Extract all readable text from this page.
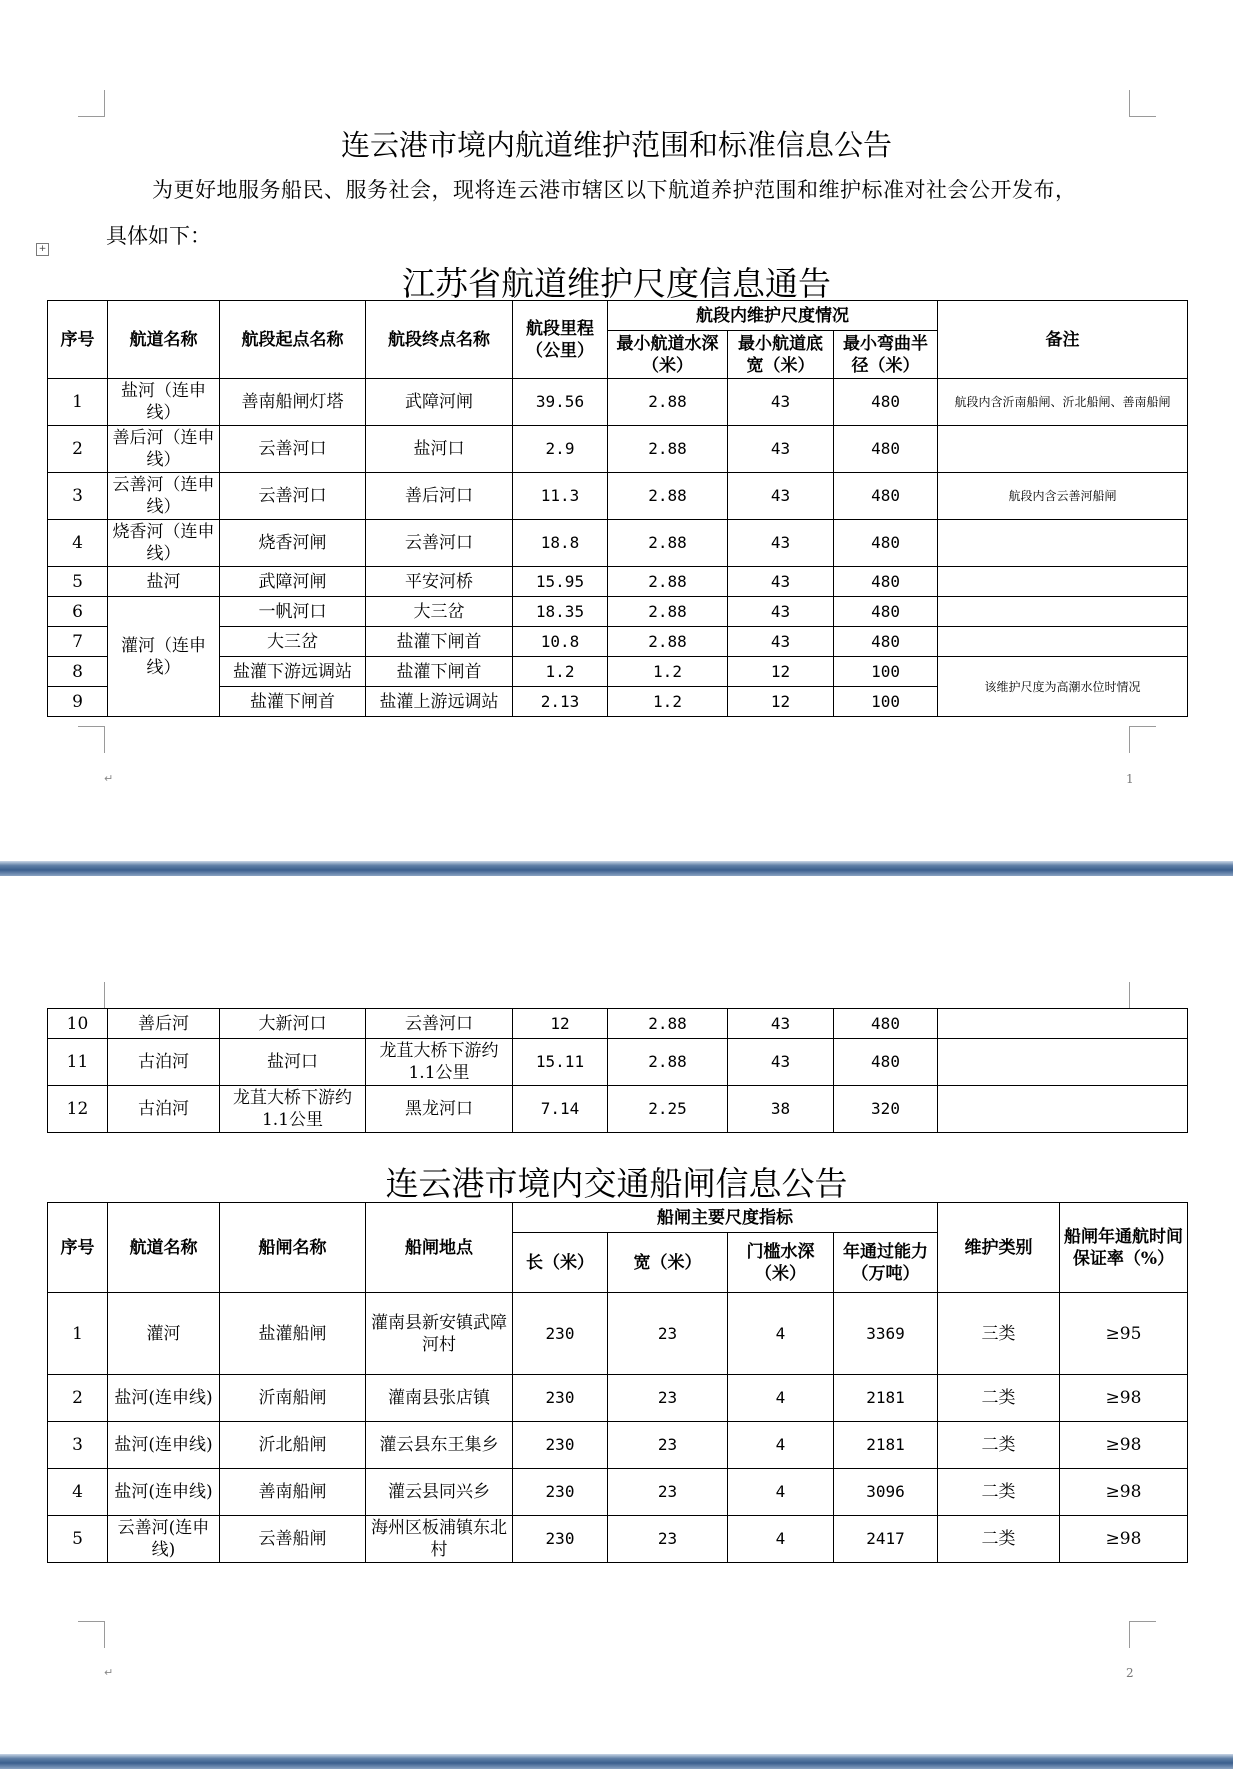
连云港市境内航道维护范围和标准信息公告
为更好地服务船民、服务社会，现将连云港市辖区以下航道养护范围和维护标准对社会公开发布，
具体如下：
+
江苏省航道维护尺度信息通告
序号	航道名称	航段起点名称	航段终点名称	航段里程（公里）	航段内维护尺度情况			备注
					最小航道水深（米）	最小航道底宽（米）	最小弯曲半径（米）	
1	盐河（连申线）	善南船闸灯塔	武障河闸	39.56	2.88	43	480	航段内含沂南船闸、沂北船闸、善南船闸
2	善后河（连申线）	云善河口	盐河口	2.9	2.88	43	480	
3	云善河（连申线）	云善河口	善后河口	11.3	2.88	43	480	航段内含云善河船闸
4	烧香河（连申线）	烧香河闸	云善河口	18.8	2.88	43	480	
5	盐河	武障河闸	平安河桥	15.95	2.88	43	480	
6	灌河（连申线）	一帆河口	大三岔	18.35	2.88	43	480	
7		大三岔	盐灌下闸首	10.8	2.88	43	480	
8		盐灌下游远调站	盐灌下闸首	1.2	1.2	12	100	该维护尺度为高潮水位时情况
9		盐灌下闸首	盐灌上游远调站	2.13	1.2	12	100	
1
↵
10	善后河	大新河口	云善河口	12	2.88	43	480	
11	古泊河	盐河口	龙苴大桥下游约1.1公里	15.11	2.88	43	480	
12	古泊河	龙苴大桥下游约1.1公里	黑龙河口	7.14	2.25	38	320	
连云港市境内交通船闸信息公告
序号	航道名称	船闸名称	船闸地点	船闸主要尺度指标				维护类别	船闸年通航时间保证率（%）
				长（米）	宽（米）	门槛水深（米）	年通过能力（万吨）		
1	灌河	盐灌船闸	灌南县新安镇武障河村	230	23	4	3369	三类	≥95
2	盐河(连申线)	沂南船闸	灌南县张店镇	230	23	4	2181	二类	≥98
3	盐河(连申线)	沂北船闸	灌云县东王集乡	230	23	4	2181	二类	≥98
4	盐河(连申线)	善南船闸	灌云县同兴乡	230	23	4	3096	二类	≥98
5	云善河(连申线)	云善船闸	海州区板浦镇东北村	230	23	4	2417	二类	≥98
2
↵
